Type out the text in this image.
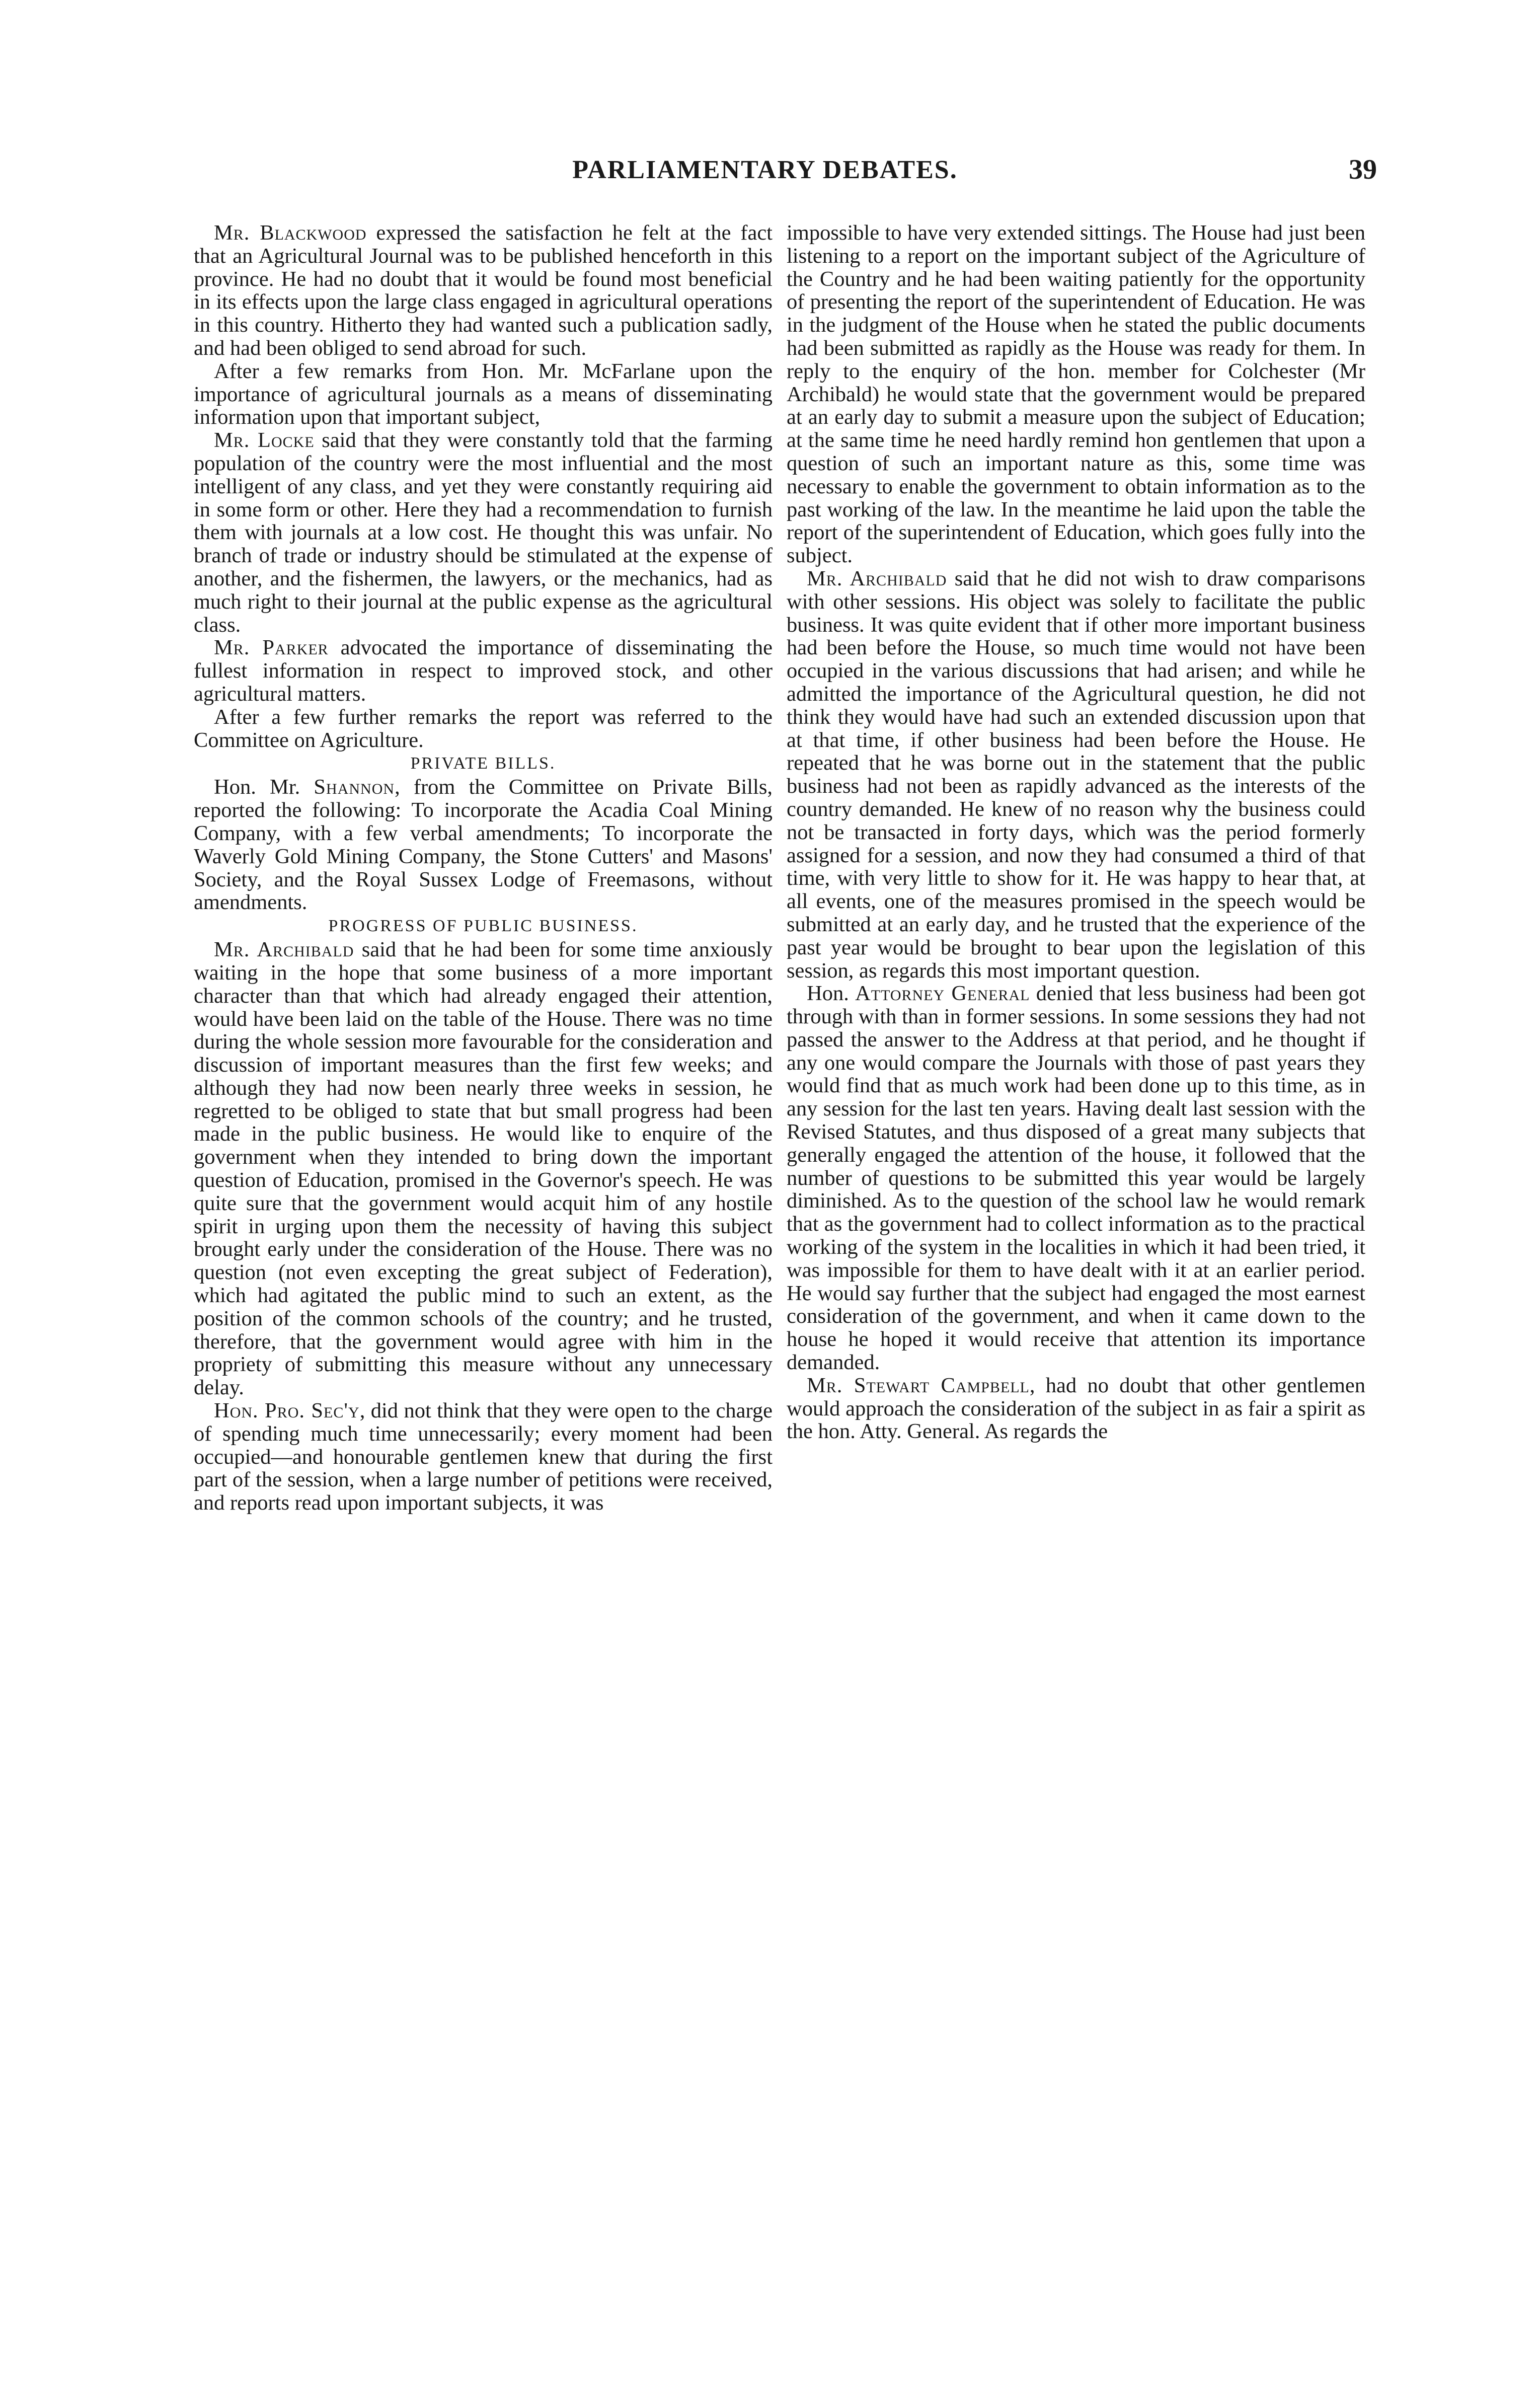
PARLIAMENTARY DEBATES.	39

Mr. Blackwood expressed the satisfaction he felt at the fact that an Agricultural Journal was to be published henceforth in this province. He had no doubt that it would be found most beneficial in its effects upon the large class engaged in agricultural operations in this country. Hitherto they had wanted such a publication sadly, and had been obliged to send abroad for such.

After a few remarks from Hon. Mr. McFarlane upon the importance of agricultural journals as a means of disseminating information upon that important subject,

Mr. Locke said that they were constantly told that the farming population of the country were the most influential and the most intelligent of any class, and yet they were constantly requiring aid in some form or other. Here they had a recommendation to furnish them with journals at a low cost. He thought this was unfair. No branch of trade or industry should be stimulated at the expense of another, and the fishermen, the lawyers, or the mechanics, had as much right to their journal at the public expense as the agricultural class.

Mr. Parker advocated the importance of disseminating the fullest information in respect to improved stock, and other agricultural matters.

After a few further remarks the report was referred to the Committee on Agriculture.

PRIVATE BILLS.

Hon. Mr. Shannon, from the Committee on Private Bills, reported the following: To incorporate the Acadia Coal Mining Company, with a few verbal amendments; To incorporate the Waverly Gold Mining Company, the Stone Cutters' and Masons' Society, and the Royal Sussex Lodge of Freemasons, without amendments.

PROGRESS OF PUBLIC BUSINESS.

Mr. Archibald said that he had been for some time anxiously waiting in the hope that some business of a more important character than that which had already engaged their attention, would have been laid on the table of the House. There was no time during the whole session more favourable for the consideration and discussion of important measures than the first few weeks; and although they had now been nearly three weeks in session, he regretted to be obliged to state that but small progress had been made in the public business. He would like to enquire of the government when they intended to bring down the important question of Education, promised in the Governor's speech. He was quite sure that the government would acquit him of any hostile spirit in urging upon them the necessity of having this subject brought early under the consideration of the House. There was no question (not even excepting the great subject of Federation), which had agitated the public mind to such an extent, as the position of the common schools of the country; and he trusted, therefore, that the government would agree with him in the propriety of submitting this measure without any unnecessary delay.

Hon. Pro. Sec'y, did not think that they were open to the charge of spending much time unnecessarily; every moment had been occupied—and honourable gentlemen knew that during the first part of the session, when a large number of petitions were received, and reports read upon important subjects, it was

impossible to have very extended sittings. The House had just been listening to a report on the important subject of the Agriculture of the Country and he had been waiting patiently for the opportunity of presenting the report of the superintendent of Education. He was in the judgment of the House when he stated the public documents had been submitted as rapidly as the House was ready for them. In reply to the enquiry of the hon. member for Colchester (Mr Archibald) he would state that the government would be prepared at an early day to submit a measure upon the subject of Education; at the same time he need hardly remind hon gentlemen that upon a question of such an important nature as this, some time was necessary to enable the government to obtain information as to the past working of the law. In the meantime he laid upon the table the report of the superintendent of Education, which goes fully into the subject.

Mr. Archibald said that he did not wish to draw comparisons with other sessions. His object was solely to facilitate the public business. It was quite evident that if other more important business had been before the House, so much time would not have been occupied in the various discussions that had arisen; and while he admitted the importance of the Agricultural question, he did not think they would have had such an extended discussion upon that at that time, if other business had been before the House. He repeated that he was borne out in the statement that the public business had not been as rapidly advanced as the interests of the country demanded. He knew of no reason why the business could not be transacted in forty days, which was the period formerly assigned for a session, and now they had consumed a third of that time, with very little to show for it. He was happy to hear that, at all events, one of the measures promised in the speech would be submitted at an early day, and he trusted that the experience of the past year would be brought to bear upon the legislation of this session, as regards this most important question.

Hon. Attorney General denied that less business had been got through with than in former sessions. In some sessions they had not passed the answer to the Address at that period, and he thought if any one would compare the Journals with those of past years they would find that as much work had been done up to this time, as in any session for the last ten years. Having dealt last session with the Revised Statutes, and thus disposed of a great many subjects that generally engaged the attention of the house, it followed that the number of questions to be submitted this year would be largely diminished. As to the question of the school law he would remark that as the government had to collect information as to the practical working of the system in the localities in which it had been tried, it was impossible for them to have dealt with it at an earlier period. He would say further that the subject had engaged the most earnest consideration of the government, and when it came down to the house he hoped it would receive that attention its importance demanded.

Mr. Stewart Campbell, had no doubt that other gentlemen would approach the consideration of the subject in as fair a spirit as the hon. Atty. General. As regards the
